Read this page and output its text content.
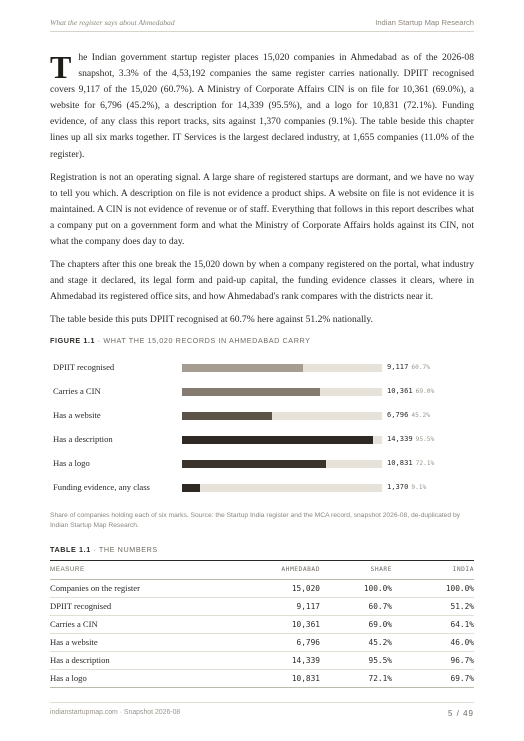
What the register says about Ahmedabad	Indian Startup Map Research

The Indian government startup register places 15,020 companies in Ahmedabad as of the 2026-08 snapshot, 3.3% of the 4,53,192 companies the same register carries nationally. DPIIT recognised covers 9,117 of the 15,020 (60.7%). A Ministry of Corporate Affairs CIN is on file for 10,361 (69.0%), a website for 6,796 (45.2%), a description for 14,339 (95.5%), and a logo for 10,831 (72.1%). Funding evidence, of any class this report tracks, sits against 1,370 companies (9.1%). The table beside this chapter lines up all six marks together. IT Services is the largest declared industry, at 1,655 companies (11.0% of the register).

Registration is not an operating signal. A large share of registered startups are dormant, and we have no way to tell you which. A description on file is not evidence a product ships. A website on file is not evidence it is maintained. A CIN is not evidence of revenue or of staff. Everything that follows in this report describes what a company put on a government form and what the Ministry of Corporate Affairs holds against its CIN, not what the company does day to day.

The chapters after this one break the 15,020 down by when a company registered on the portal, what industry and stage it declared, its legal form and paid-up capital, the funding evidence classes it clears, where in Ahmedabad its registered office sits, and how Ahmedabad's rank compares with the districts near it.

The table beside this puts DPIIT recognised at 60.7% here against 51.2% nationally.

FIGURE 1.1 · WHAT THE 15,020 RECORDS IN AHMEDABAD CARRY
DPIIT recognised	9,117 60.7%
Carries a CIN	10,361 69.0%
Has a website	6,796 45.2%
Has a description	14,339 95.5%
Has a logo	10,831 72.1%
Funding evidence, any class	1,370 9.1%
Share of companies holding each of six marks. Source: the Startup India register and the MCA record, snapshot 2026-08, de-duplicated by Indian Startup Map Research.
TABLE 1.1 · THE NUMBERS
MEASURE	AHMEDABAD	SHARE	INDIA
Companies on the register	15,020	100.0%	100.0%
DPIIT recognised	9,117	60.7%	51.2%
Carries a CIN	10,361	69.0%	64.1%
Has a website	6,796	45.2%	46.0%
Has a description	14,339	95.5%	96.7%
Has a logo	10,831	72.1%	69.7%
indianstartupmap.com · Snapshot 2026-08	5 / 49
